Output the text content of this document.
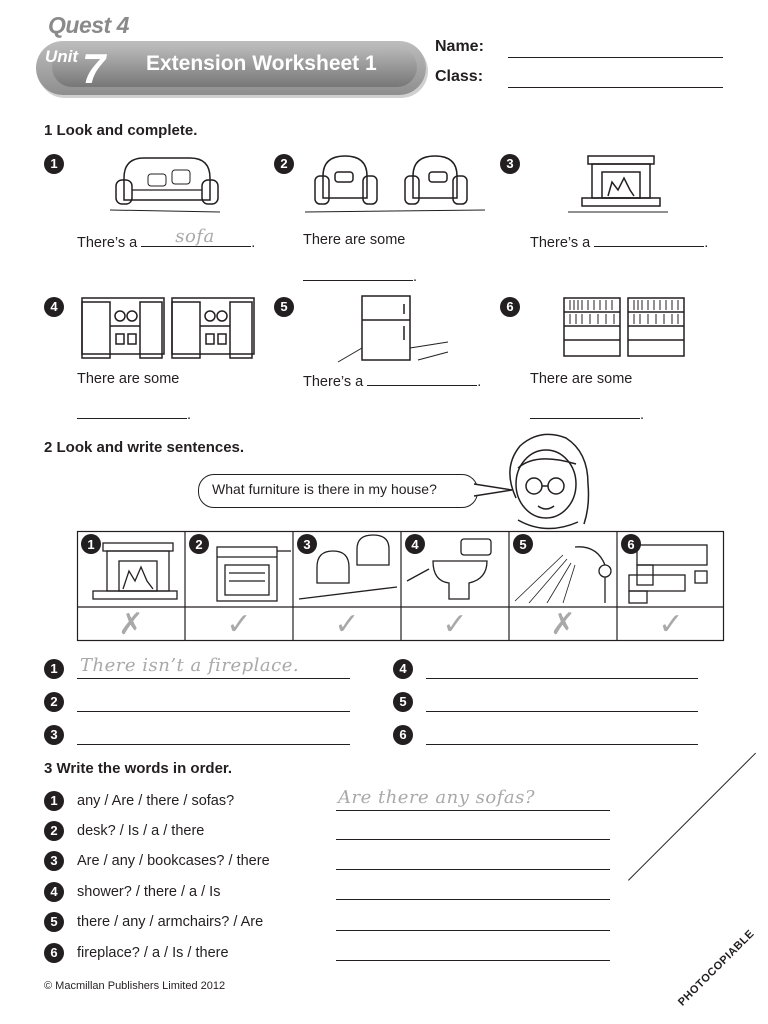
Quest 4
Unit 7 Extension Worksheet 1
Name:
Class:
1 Look and complete.
1
There’s a sofa	.
2
There are some
.
3
There’s a	.
4
There are some
.
5
There’s a	.
6
There are some
.
2 Look and write sentences.
What furniture is there in my house?
1	2	3	4	5	6
✗	✓	✓	✓	✗	✓
1	There isn’t a fireplace.
2
3
4
5
6
3 Write the words in order.
1	any / Are / there / sofas?	Are there any sofas?
2	desk? / Is / a / there
3	Are / any / bookcases? / there
4	shower? / there / a / Is
5	there / any / armchairs? / Are
6	fireplace? / a / Is / there
© Macmillan Publishers Limited 2012	PHOTOCOPIABLE
